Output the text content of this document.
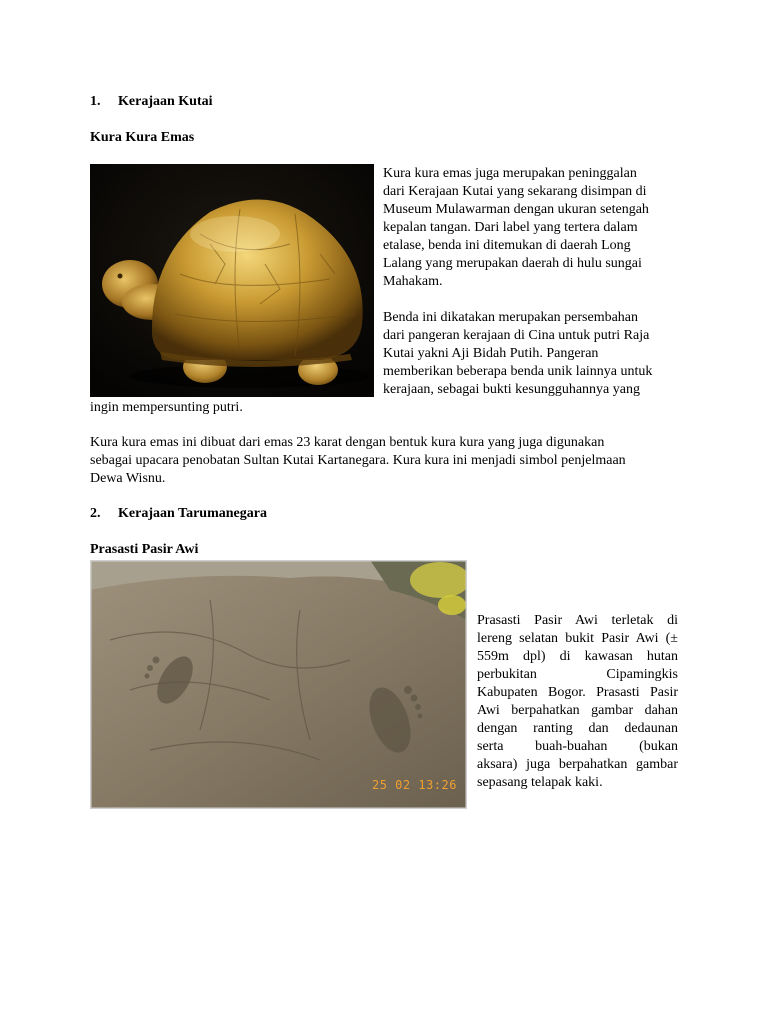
1. Kerajaan Kutai
Kura Kura Emas
Kura kura emas juga merupakan peninggalan
dari Kerajaan Kutai yang sekarang disimpan di
Museum Mulawarman dengan ukuran setengah
kepalan tangan. Dari label yang tertera dalam
etalase, benda ini ditemukan di daerah Long
Lalang yang merupakan daerah di hulu sungai
Mahakam.
Benda ini dikatakan merupakan persembahan
dari pangeran kerajaan di Cina untuk putri Raja
Kutai yakni Aji Bidah Putih. Pangeran
memberikan beberapa benda unik lainnya untuk
kerajaan, sebagai bukti kesungguhannya yang
ingin mempersunting putri.
Kura kura emas ini dibuat dari emas 23 karat dengan bentuk kura kura yang juga digunakan
sebagai upacara penobatan Sultan Kutai Kartanegara. Kura kura ini menjadi simbol penjelmaan
Dewa Wisnu.
2. Kerajaan Tarumanegara
Prasasti Pasir Awi
25 02 13:26
Prasasti Pasir Awi terletak di
lereng selatan bukit Pasir Awi (±
559m dpl) di kawasan hutan
perbukitan Cipamingkis
Kabupaten Bogor. Prasasti Pasir
Awi berpahatkan gambar dahan
dengan ranting dan dedaunan
serta buah-buahan (bukan
aksara) juga berpahatkan gambar
sepasang telapak kaki.
